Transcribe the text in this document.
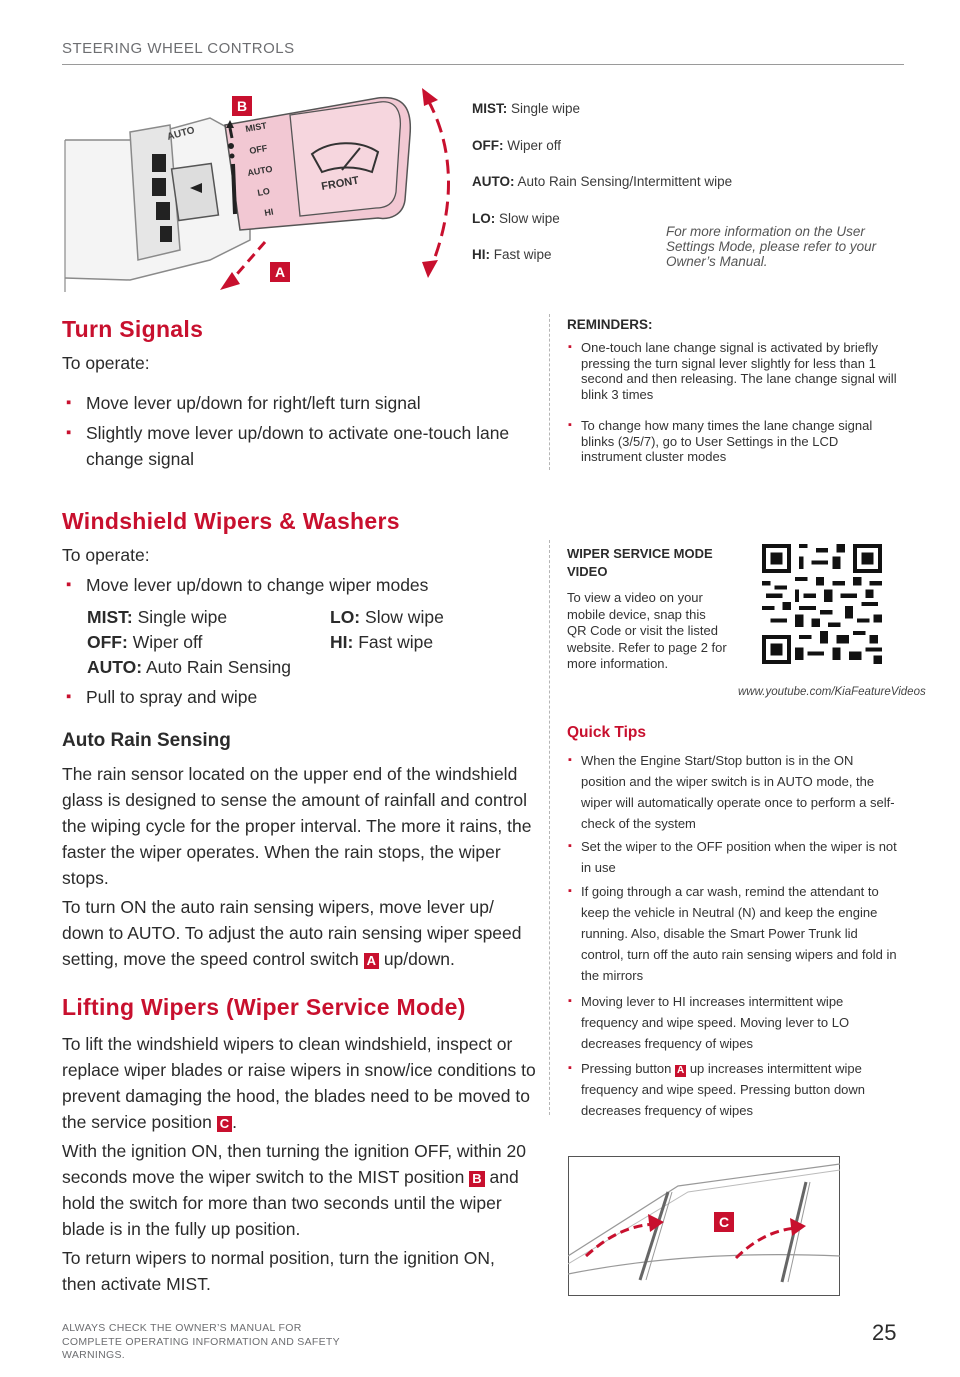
STEERING WHEEL CONTROLS
AUTO	MIST
OFF
AUTO
LO
HI
FRONT
B
A
MIST: Single wipe
OFF: Wiper off
AUTO: Auto Rain Sensing/Intermittent wipe
LO: Slow wipe
HI: Fast wipe
For more information on the User Settings Mode, please refer to your Owner’s Manual.
Turn Signals
To operate:
▪ Move lever up/down for right/left turn signal
▪ Slightly move lever up/down to activate one-touch lane change signal
REMINDERS:
▪ One-touch lane change signal is activated by briefly pressing the turn signal lever slightly for less than 1 second and then releasing. The lane change signal will blink 3 times
▪ To change how many times the lane change signal blinks (3/5/7), go to User Settings in the LCD instrument cluster modes
Windshield Wipers & Washers
To operate:
▪ Move lever up/down to change wiper modes
MIST: Single wipe
OFF: Wiper off
AUTO: Auto Rain Sensing
LO: Slow wipe
HI: Fast wipe
▪ Pull to spray and wipe
Auto Rain Sensing
The rain sensor located on the upper end of the windshield glass is designed to sense the amount of rainfall and control the wiping cycle for the proper interval. The more it rains, the faster the wiper operates. When the rain stops, the wiper stops.
To turn ON the auto rain sensing wipers, move lever up/ down to AUTO. To adjust the auto rain sensing wiper speed setting, move the speed control switch A up/down.
Lifting Wipers (Wiper Service Mode)
To lift the windshield wipers to clean windshield, inspect or replace wiper blades or raise wipers in snow/ice conditions to prevent damaging the hood, the blades need to be moved to the service position C .
With the ignition ON, then turning the ignition OFF, within 20 seconds move the wiper switch to the MIST position B and hold the switch for more than two seconds until the wiper blade is in the fully up position.
To return wipers to normal position, turn the ignition ON, then activate MIST.
WIPER SERVICE MODE VIDEO
To view a video on your mobile device, snap this QR Code or visit the listed website. Refer to page 2 for more information.
www.youtube.com/KiaFeatureVideos
Quick Tips
▪ When the Engine Start/Stop button is in the ON position and the wiper switch is in AUTO mode, the wiper will automatically operate once to perform a self-check of the system
▪ Set the wiper to the OFF position when the wiper is not in use
▪ If going through a car wash, remind the attendant to keep the vehicle in Neutral (N) and keep the engine running. Also, disable the Smart Power Trunk lid control, turn off the auto rain sensing wipers and fold in the mirrors
▪ Moving lever to HI increases intermittent wipe frequency and wipe speed. Moving lever to LO decreases frequency of wipes
▪ Pressing button A up increases intermittent wipe frequency and wipe speed. Pressing button down decreases frequency of wipes
C
ALWAYS CHECK THE OWNER’S MANUAL FOR COMPLETE OPERATING INFORMATION AND SAFETY WARNINGS.
25
